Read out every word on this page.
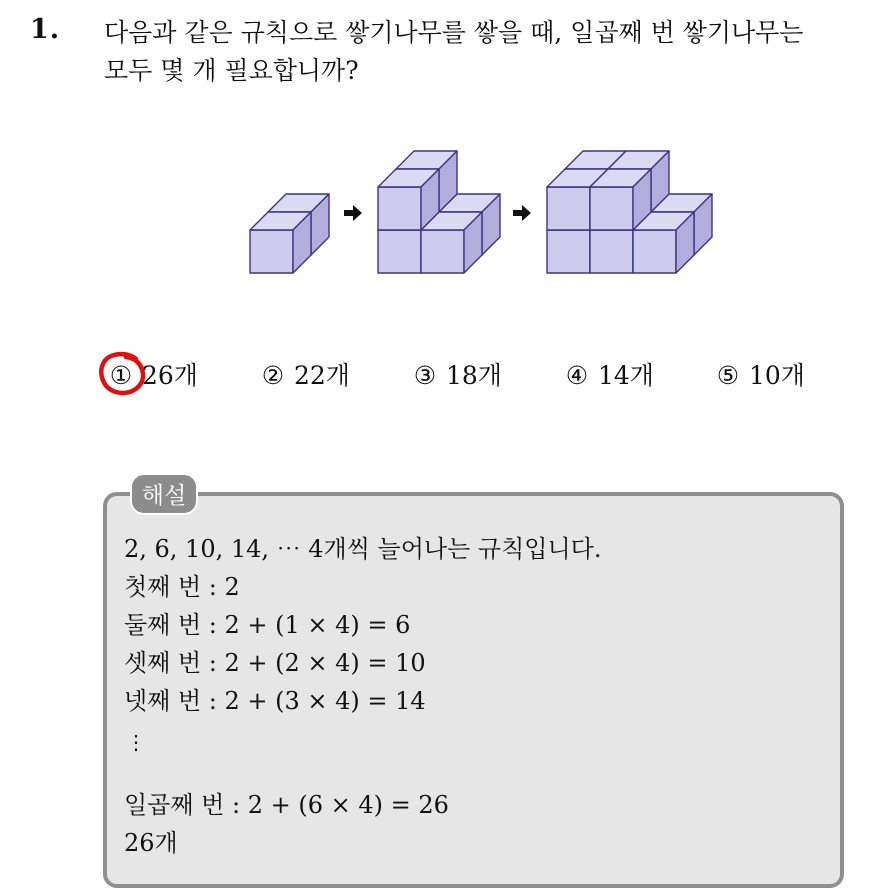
1. 다음과 같은 규칙으로 쌓기나무를 쌓을 때, 일곱째 번 쌓기나무는
모두 몇 개 필요합니까?
① 26개	② 22개	③ 18개	④ 14개	⑤ 10개
해설
2, 6, 10, 14, ⋯ 4개씩 늘어나는 규칙입니다.
첫째 번 : 2
둘째 번 : 2 + (1 × 4) = 6
셋째 번 : 2 + (2 × 4) = 10
넷째 번 : 2 + (3 × 4) = 14
⋮
일곱째 번 : 2 + (6 × 4) = 26
26개
